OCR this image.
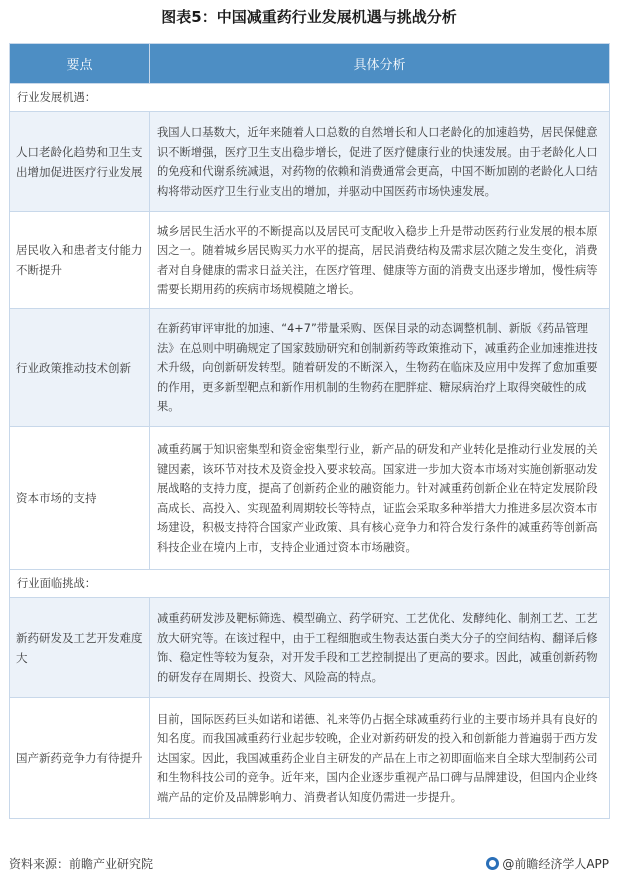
图表5：中国减重药行业发展机遇与挑战分析
要点	具体分析
行业发展机遇：	
人口老龄化趋势和卫生支出增加促进医疗行业发展	我国人口基数大，近年来随着人口总数的自然增长和人口老龄化的加速趋势，居民保健意识不断增强，医疗卫生支出稳步增长，促进了医疗健康行业的快速发展。由于老龄化人口的免疫和代谢系统减退，对药物的依赖和消费通常会更高，中国不断加剧的老龄化人口结构将带动医疗卫生行业支出的增加，并驱动中国医药市场快速发展。
居民收入和患者支付能力不断提升	城乡居民生活水平的不断提高以及居民可支配收入稳步上升是带动医药行业发展的根本原因之一。随着城乡居民购买力水平的提高，居民消费结构及需求层次随之发生变化，消费者对自身健康的需求日益关注，在医疗管理、健康等方面的消费支出逐步增加，慢性病等需要长期用药的疾病市场规模随之增长。
行业政策推动技术创新	在新药审评审批的加速、“4+7”带量采购、医保目录的动态调整机制、新版《药品管理法》在总则中明确规定了国家鼓励研究和创制新药等政策推动下，减重药企业加速推进技术升级，向创新研发转型。随着研发的不断深入，生物药在临床及应用中发挥了愈加重要的作用，更多新型靶点和新作用机制的生物药在肥胖症、糖尿病治疗上取得突破性的成果。
资本市场的支持	减重药属于知识密集型和资金密集型行业，新产品的研发和产业转化是推动行业发展的关键因素，该环节对技术及资金投入要求较高。国家进一步加大资本市场对实施创新驱动发展战略的支持力度，提高了创新药企业的融资能力。针对减重药创新企业在特定发展阶段高成长、高投入、实现盈利周期较长等特点，证监会采取多种举措大力推进多层次资本市场建设，积极支持符合国家产业政策、具有核心竞争力和符合发行条件的减重药等创新高科技企业在境内上市，支持企业通过资本市场融资。
行业面临挑战：	
新药研发及工艺开发难度大	减重药研发涉及靶标筛选、模型确立、药学研究、工艺优化、发酵纯化、制剂工艺、工艺放大研究等。在该过程中，由于工程细胞或生物表达蛋白类大分子的空间结构、翻译后修饰、稳定性等较为复杂，对开发手段和工艺控制提出了更高的要求。因此，减重创新药物的研发存在周期长、投资大、风险高的特点。
国产新药竞争力有待提升	目前，国际医药巨头如诺和诺德、礼来等仍占据全球减重药行业的主要市场并具有良好的知名度。而我国减重药行业起步较晚，企业对新药研发的投入和创新能力普遍弱于西方发达国家。因此，我国减重药企业自主研发的产品在上市之初即面临来自全球大型制药公司和生物科技公司的竞争。近年来，国内企业逐步重视产品口碑与品牌建设，但国内企业终端产品的定价及品牌影响力、消费者认知度仍需进一步提升。
资料来源：前瞻产业研究院	@前瞻经济学人APP
